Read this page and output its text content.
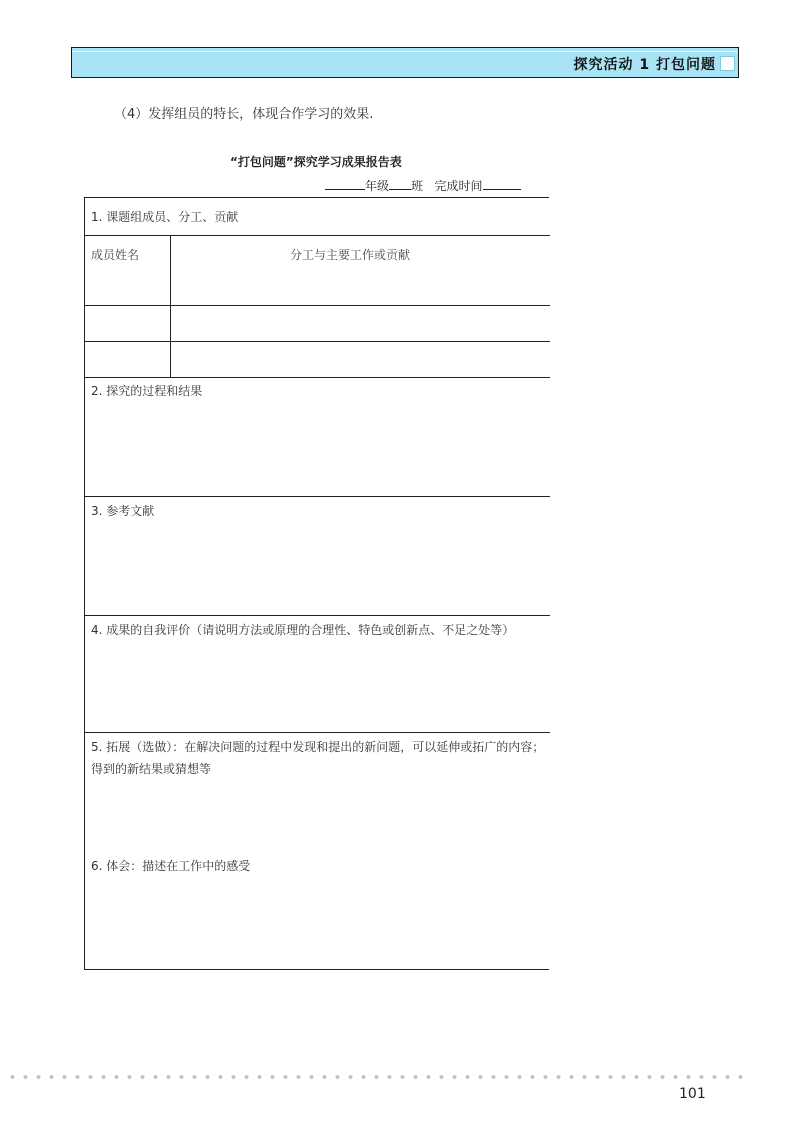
探究活动 1 打包问题
（4）发挥组员的特长，体现合作学习的效果.
“打包问题”探究学习成果报告表
年级 班 完成时间
1. 课题组成员、分工、贡献
成员姓名	分工与主要工作或贡献
2. 探究的过程和结果
3. 参考文献
4. 成果的自我评价（请说明方法或原理的合理性、特色或创新点、不足之处等）
5. 拓展（选做）：在解决问题的过程中发现和提出的新问题，可以延伸或拓广的内容；得到的新结果或猜想等
6. 体会：描述在工作中的感受
101
